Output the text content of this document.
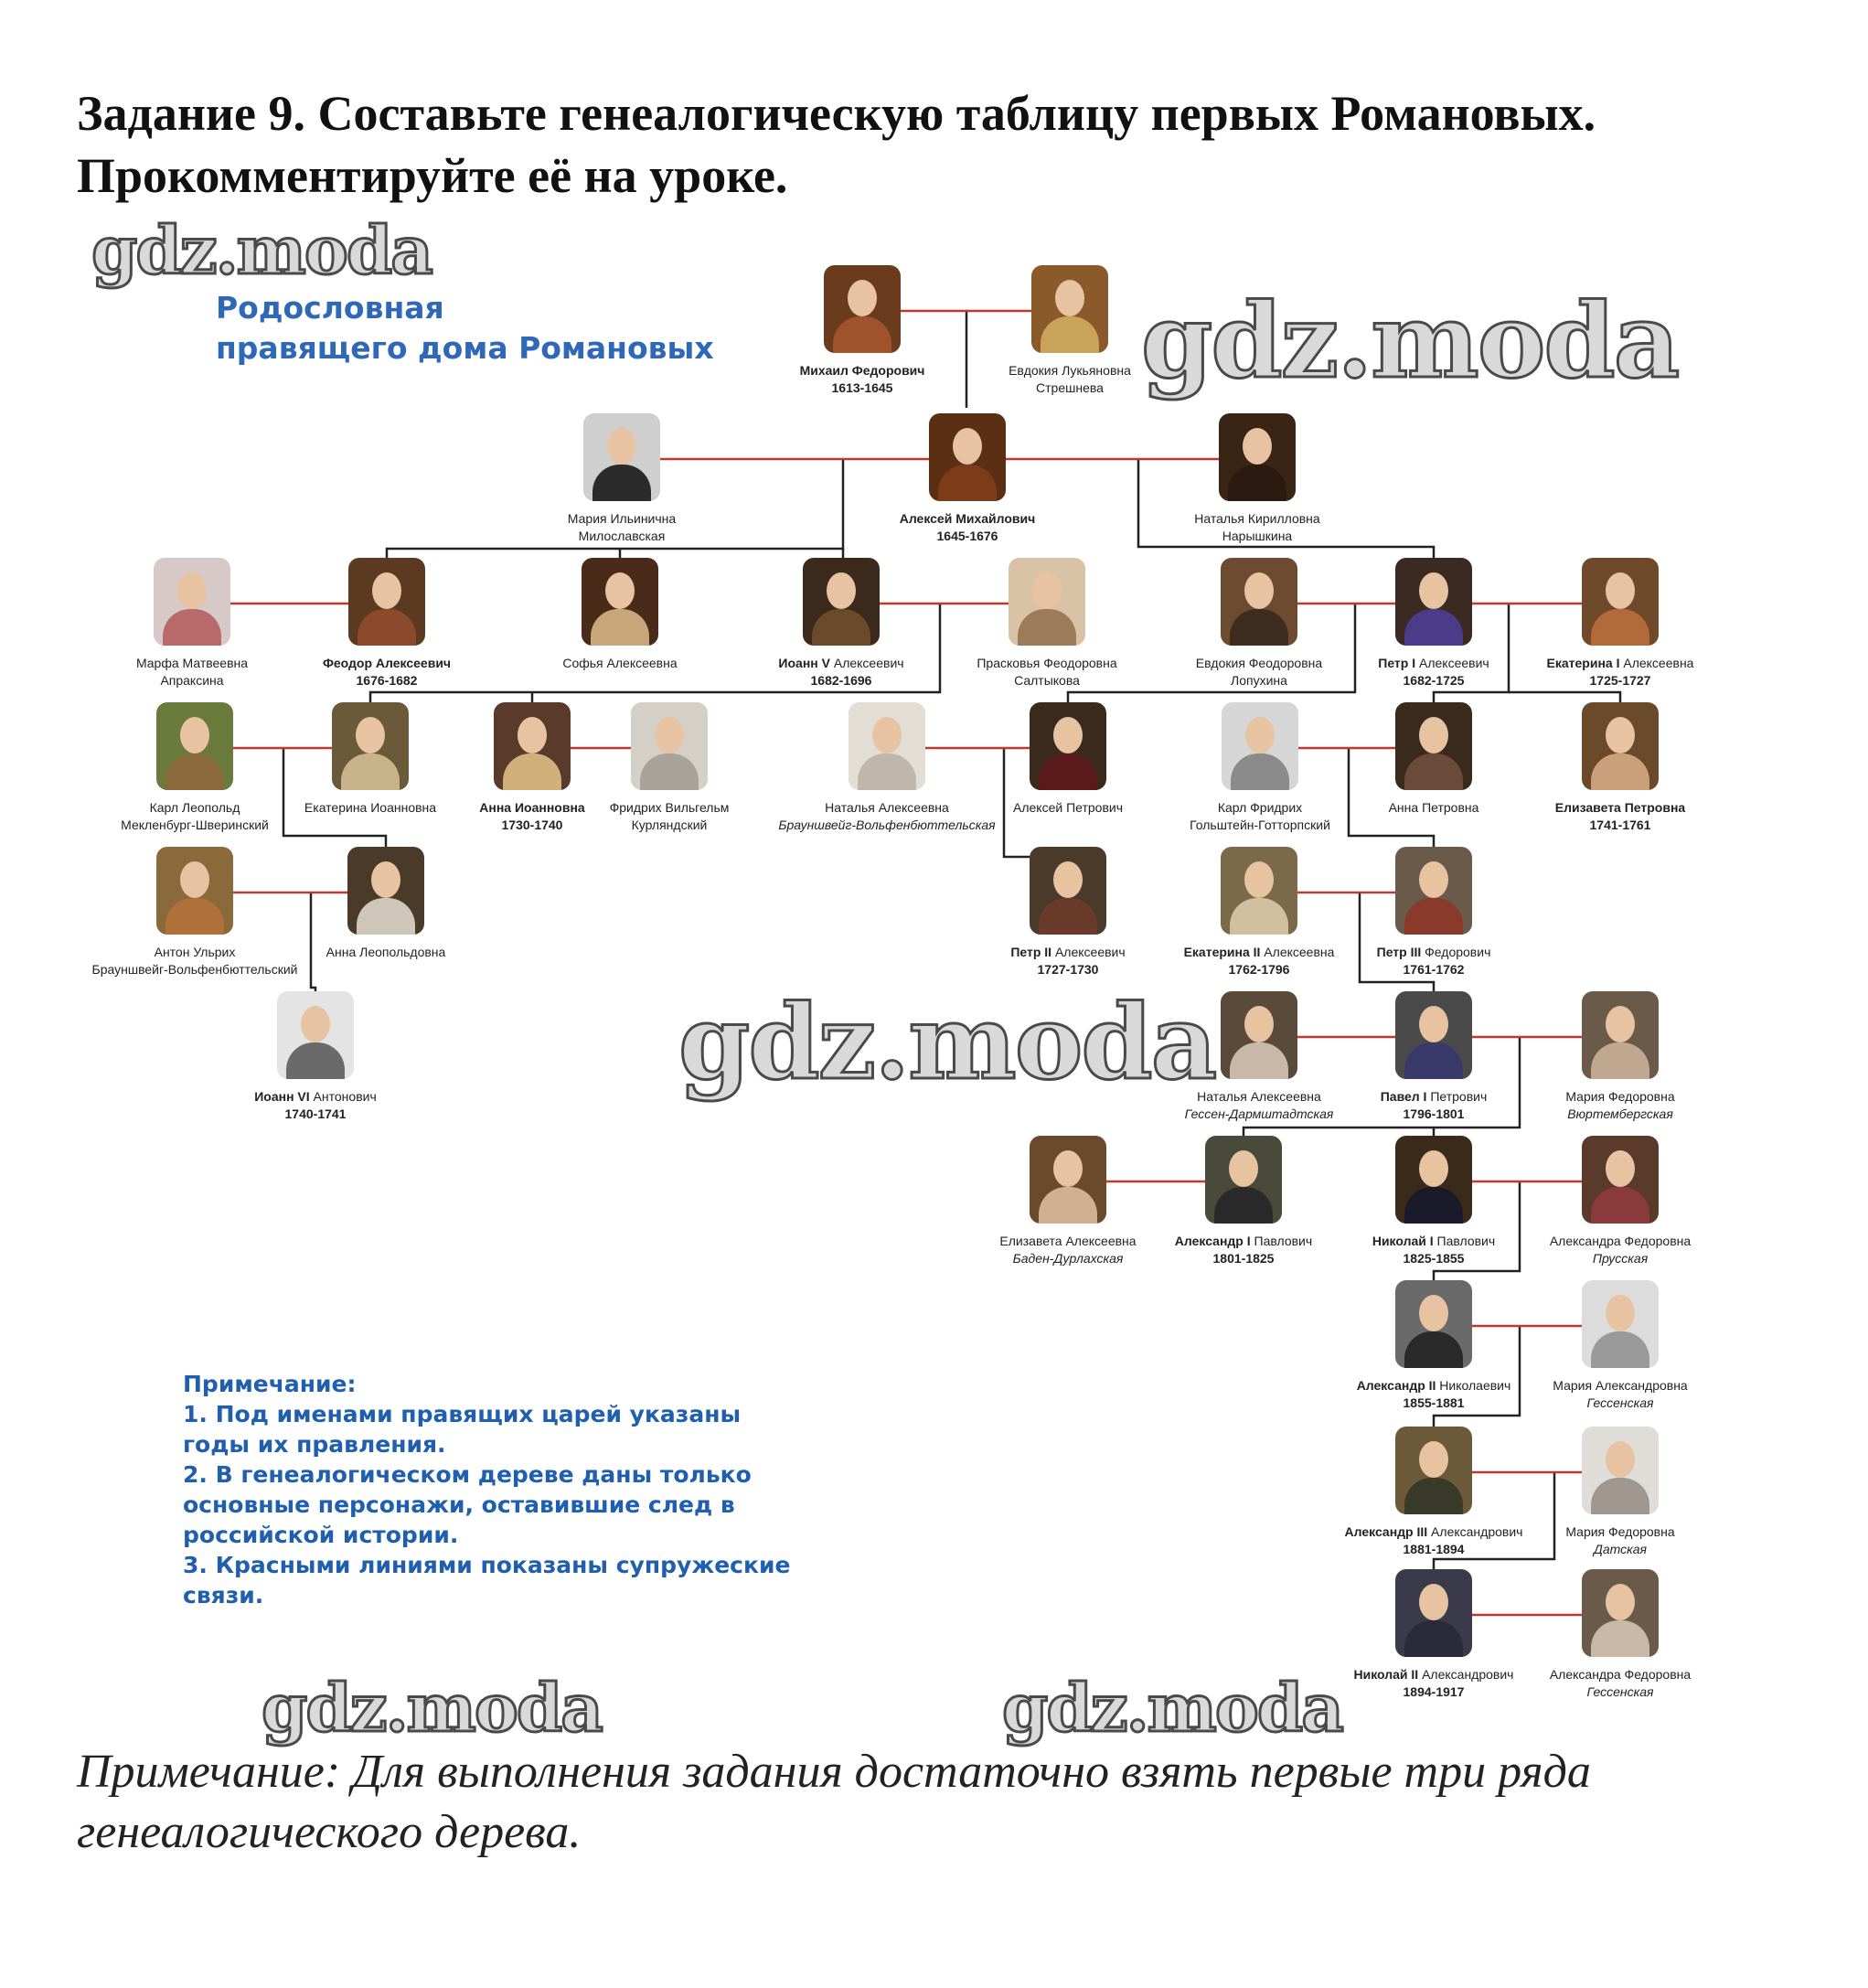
Задание 9. Составьте генеалогическую таблицу первых Романовых.
Прокомментируйте её на уроке.
Родословная
правящего дома Романовых
Михаил Федорович
1613-1645
Евдокия Лукьяновна
Стрешнева
Мария Ильинична
Милославская
Алексей Михайлович
1645-1676
Наталья Кирилловна
Нарышкина
Марфа Матвеевна
Апраксина
Феодор Алексеевич
1676-1682
Софья Алексеевна	Иоанн V Алексеевич
1682-1696
Прасковья Феодоровна
Салтыкова
Евдокия Феодоровна
Лопухина
Петр I Алексеевич
1682-1725
Екатерина I Алексеевна
1725-1727
Карл Леопольд
Мекленбург-Шверинский
Екатерина Иоанновна	Анна Иоанновна
1730-1740
Фридрих Вильгельм
Курляндский
Наталья Алексеевна
Брауншвейг-Вольфенбюттельская
Алексей Петрович	Карл Фридрих
Гольштейн-Готторпский
Анна Петровна	Елизавета Петровна
1741-1761
Антон Ульрих
Брауншвейг-Вольфенбюттельский
Анна Леопольдовна	Петр II Алексеевич
1727-1730
Екатерина II Алексеевна
1762-1796
Петр III Федорович
1761-1762
Иоанн VI Антонович
1740-1741
Наталья Алексеевна
Гессен-Дармштадтская
Павел I Петрович
1796-1801
Мария Федоровна
Вюртембергская
Елизавета Алексеевна
Баден-Дурлахская
Александр I Павлович
1801-1825
Николай I Павлович
1825-1855
Александра Федоровна
Прусская
Александр II Николаевич
1855-1881
Мария Александровна
Гессенская
Александр III Александрович
1881-1894
Мария Федоровна
Датская
Николай II Александрович
1894-1917
Александра Федоровна
Гессенская
gdz.moda
gdz.moda
gdz.moda
gdz.moda	gdz.moda
Примечание:
1. Под именами правящих царей указаны
годы их правления.
2. В генеалогическом дереве даны только
основные персонажи, оставившие след в
российской истории.
3. Красными линиями показаны супружеские
связи.
Примечание: Для выполнения задания достаточно взять первые три ряда
генеалогического дерева.
